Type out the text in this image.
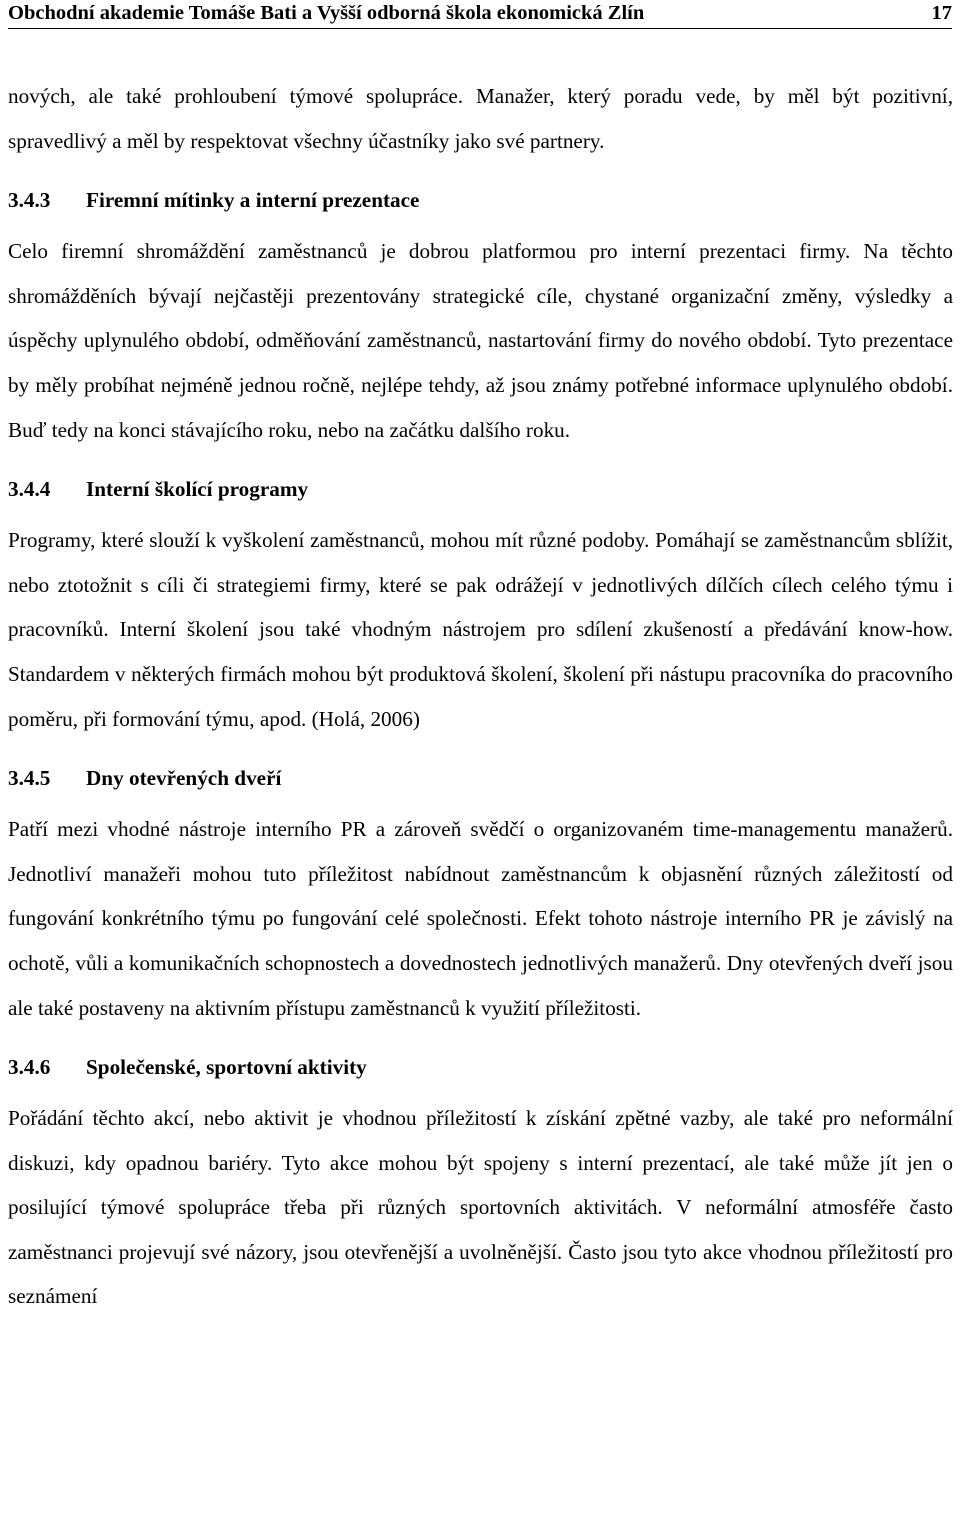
Obchodní akademie Tomáše Bati a Vyšší odborná škola ekonomická Zlín	17

nových, ale také prohloubení týmové spolupráce. Manažer, který poradu vede, by měl být pozitivní, spravedlivý a měl by respektovat všechny účastníky jako své partnery.

3.4.3 Firemní mítinky a interní prezentace

Celo firemní shromáždění zaměstnanců je dobrou platformou pro interní prezentaci firmy. Na těchto shromážděních bývají nejčastěji prezentovány strategické cíle, chystané organizační změny, výsledky a úspěchy uplynulého období, odměňování zaměstnanců, nastartování firmy do nového období. Tyto prezentace by měly probíhat nejméně jednou ročně, nejlépe tehdy, až jsou známy potřebné informace uplynulého období. Buď tedy na konci stávajícího roku, nebo na začátku dalšího roku.

3.4.4 Interní školící programy

Programy, které slouží k vyškolení zaměstnanců, mohou mít různé podoby. Pomáhají se zaměstnancům sblížit, nebo ztotožnit s cíli či strategiemi firmy, které se pak odrážejí v jednotlivých dílčích cílech celého týmu i pracovníků. Interní školení jsou také vhodným nástrojem pro sdílení zkušeností a předávání know-how. Standardem v některých firmách mohou být produktová školení, školení při nástupu pracovníka do pracovního poměru, při formování týmu, apod. (Holá, 2006)

3.4.5 Dny otevřených dveří

Patří mezi vhodné nástroje interního PR a zároveň svědčí o organizovaném time-managementu manažerů. Jednotliví manažeři mohou tuto příležitost nabídnout zaměstnancům k objasnění různých záležitostí od fungování konkrétního týmu po fungování celé společnosti. Efekt tohoto nástroje interního PR je závislý na ochotě, vůli a komunikačních schopnostech a dovednostech jednotlivých manažerů. Dny otevřených dveří jsou ale také postaveny na aktivním přístupu zaměstnanců k využití příležitosti.

3.4.6 Společenské, sportovní aktivity

Pořádání těchto akcí, nebo aktivit je vhodnou příležitostí k získání zpětné vazby, ale také pro neformální diskuzi, kdy opadnou bariéry. Tyto akce mohou být spojeny s interní prezentací, ale také může jít jen o posilující týmové spolupráce třeba při různých sportovních aktivitách. V neformální atmosféře často zaměstnanci projevují své názory, jsou otevřenější a uvolněnější. Často jsou tyto akce vhodnou příležitostí pro seznámení
